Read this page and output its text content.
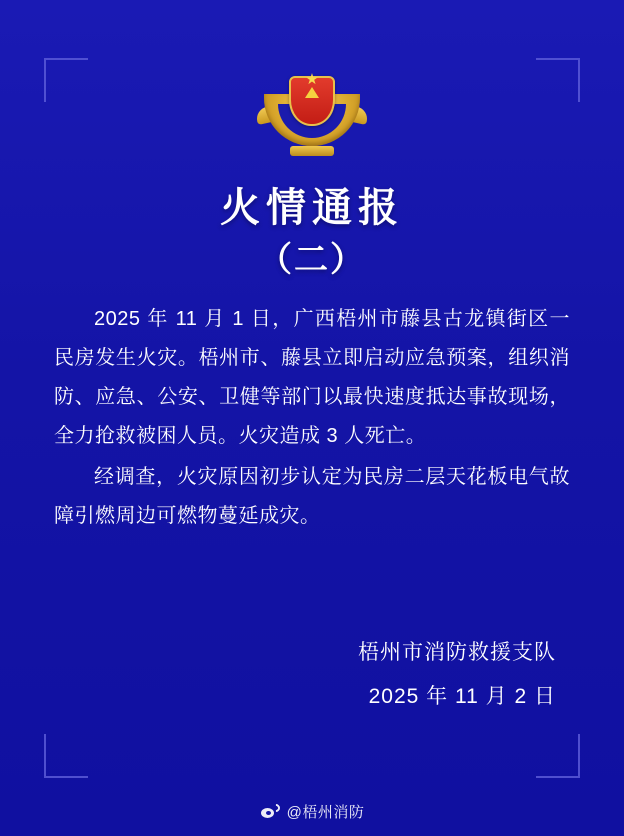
★
火情通报
（二）

2025 年 11 月 1 日，广西梧州市藤县古龙镇街区一民房发生火灾。梧州市、藤县立即启动应急预案，组织消防、应急、公安、卫健等部门以最快速度抵达事故现场，全力抢救被困人员。火灾造成 3 人死亡。

经调查，火灾原因初步认定为民房二层天花板电气故障引燃周边可燃物蔓延成灾。

梧州市消防救援支队
2025 年 11 月 2 日
@梧州消防
